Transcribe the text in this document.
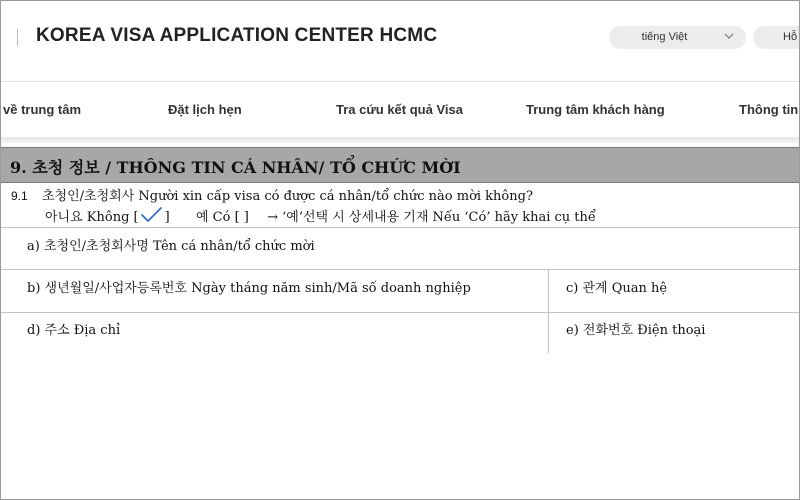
KOREA VISA APPLICATION CENTER HCMC	tiếng Việt	Hỗ
về trung tâm	Đặt lịch hẹn	Tra cứu kết quả Visa	Trung tâm khách hàng	Thông tin
9. 초청 정보 / THÔNG TIN CÁ NHÂN/ TỔ CHỨC MỜI
9.1 초청인/초청회사 Người xin cấp visa có được cá nhân/tổ chức nào mời không?
아니요 Không [ ] 예 Có [ ] → ‘예’선택 시 상세내용 기재 Nếu ‘Có’ hãy khai cụ thể
a) 초청인/초청회사명 Tên cá nhân/tổ chức mời
b) 생년월일/사업자등록번호 Ngày tháng năm sinh/Mã số doanh nghiệp	c) 관계 Quan hệ
d) 주소 Địa chỉ	e) 전화번호 Điện thoại
